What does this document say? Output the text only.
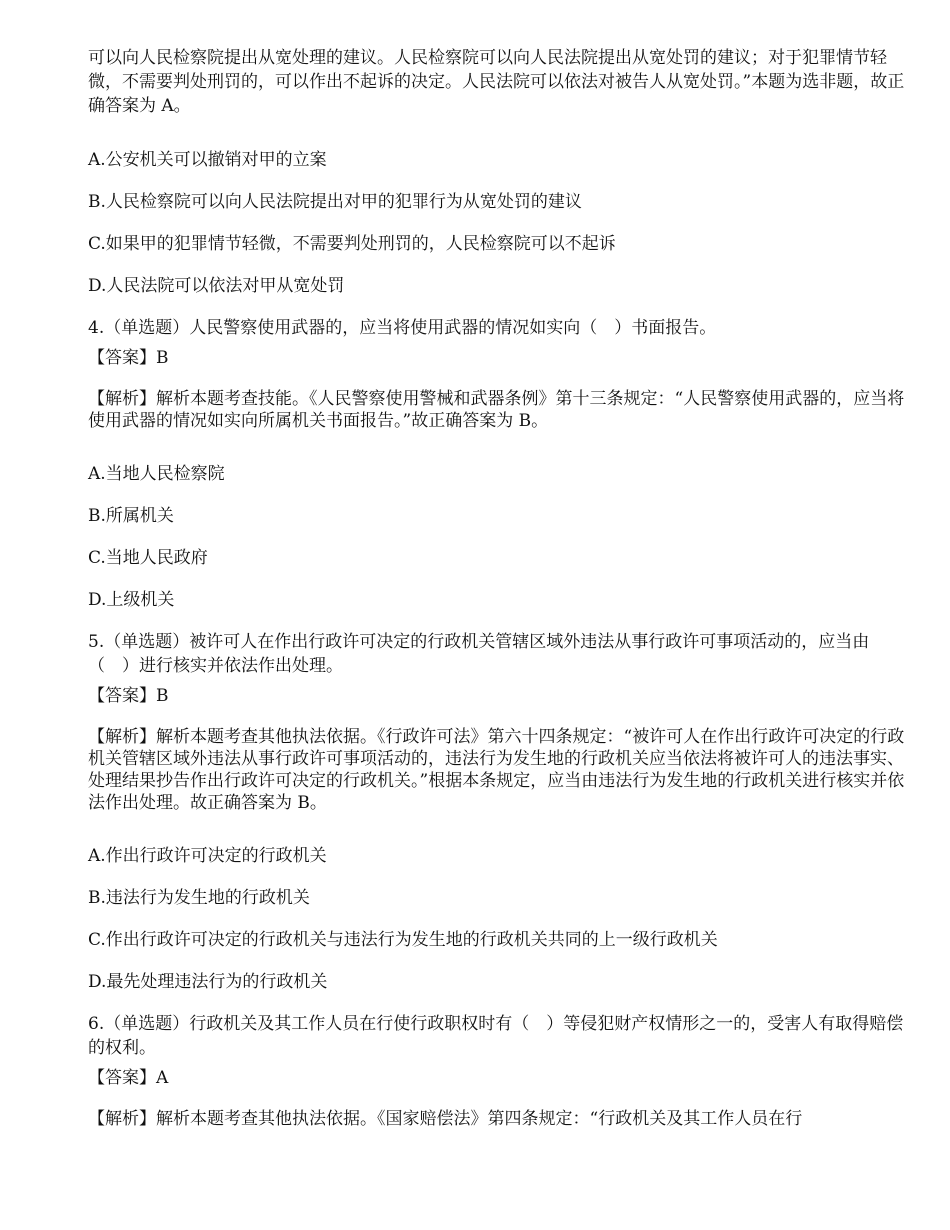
可以向人民检察院提出从宽处理的建议。人民检察院可以向人民法院提出从宽处罚的建议；对于犯罪情节轻微，不需要判处刑罚的，可以作出不起诉的决定。人民法院可以依法对被告人从宽处罚。”本题为选非题，故正确答案为 A。

A.公安机关可以撤销对甲的立案

B.人民检察院可以向人民法院提出对甲的犯罪行为从宽处罚的建议

C.如果甲的犯罪情节轻微，不需要判处刑罚的，人民检察院可以不起诉

D.人民法院可以依法对甲从宽处罚

4.（单选题）人民警察使用武器的，应当将使用武器的情况如实向（　）书面报告。

【答案】B

【解析】解析本题考查技能。《人民警察使用警械和武器条例》第十三条规定：“人民警察使用武器的，应当将使用武器的情况如实向所属机关书面报告。”故正确答案为 B。

A.当地人民检察院

B.所属机关

C.当地人民政府

D.上级机关

5.（单选题）被许可人在作出行政许可决定的行政机关管辖区域外违法从事行政许可事项活动的，应当由（　）进行核实并依法作出处理。

【答案】B

【解析】解析本题考查其他执法依据。《行政许可法》第六十四条规定：“被许可人在作出行政许可决定的行政机关管辖区域外违法从事行政许可事项活动的，违法行为发生地的行政机关应当依法将被许可人的违法事实、处理结果抄告作出行政许可决定的行政机关。”根据本条规定，应当由违法行为发生地的行政机关进行核实并依法作出处理。故正确答案为 B。

A.作出行政许可决定的行政机关

B.违法行为发生地的行政机关

C.作出行政许可决定的行政机关与违法行为发生地的行政机关共同的上一级行政机关

D.最先处理违法行为的行政机关

6.（单选题）行政机关及其工作人员在行使行政职权时有（　）等侵犯财产权情形之一的，受害人有取得赔偿的权利。

【答案】A

【解析】解析本题考查其他执法依据。《国家赔偿法》第四条规定：“行政机关及其工作人员在行
